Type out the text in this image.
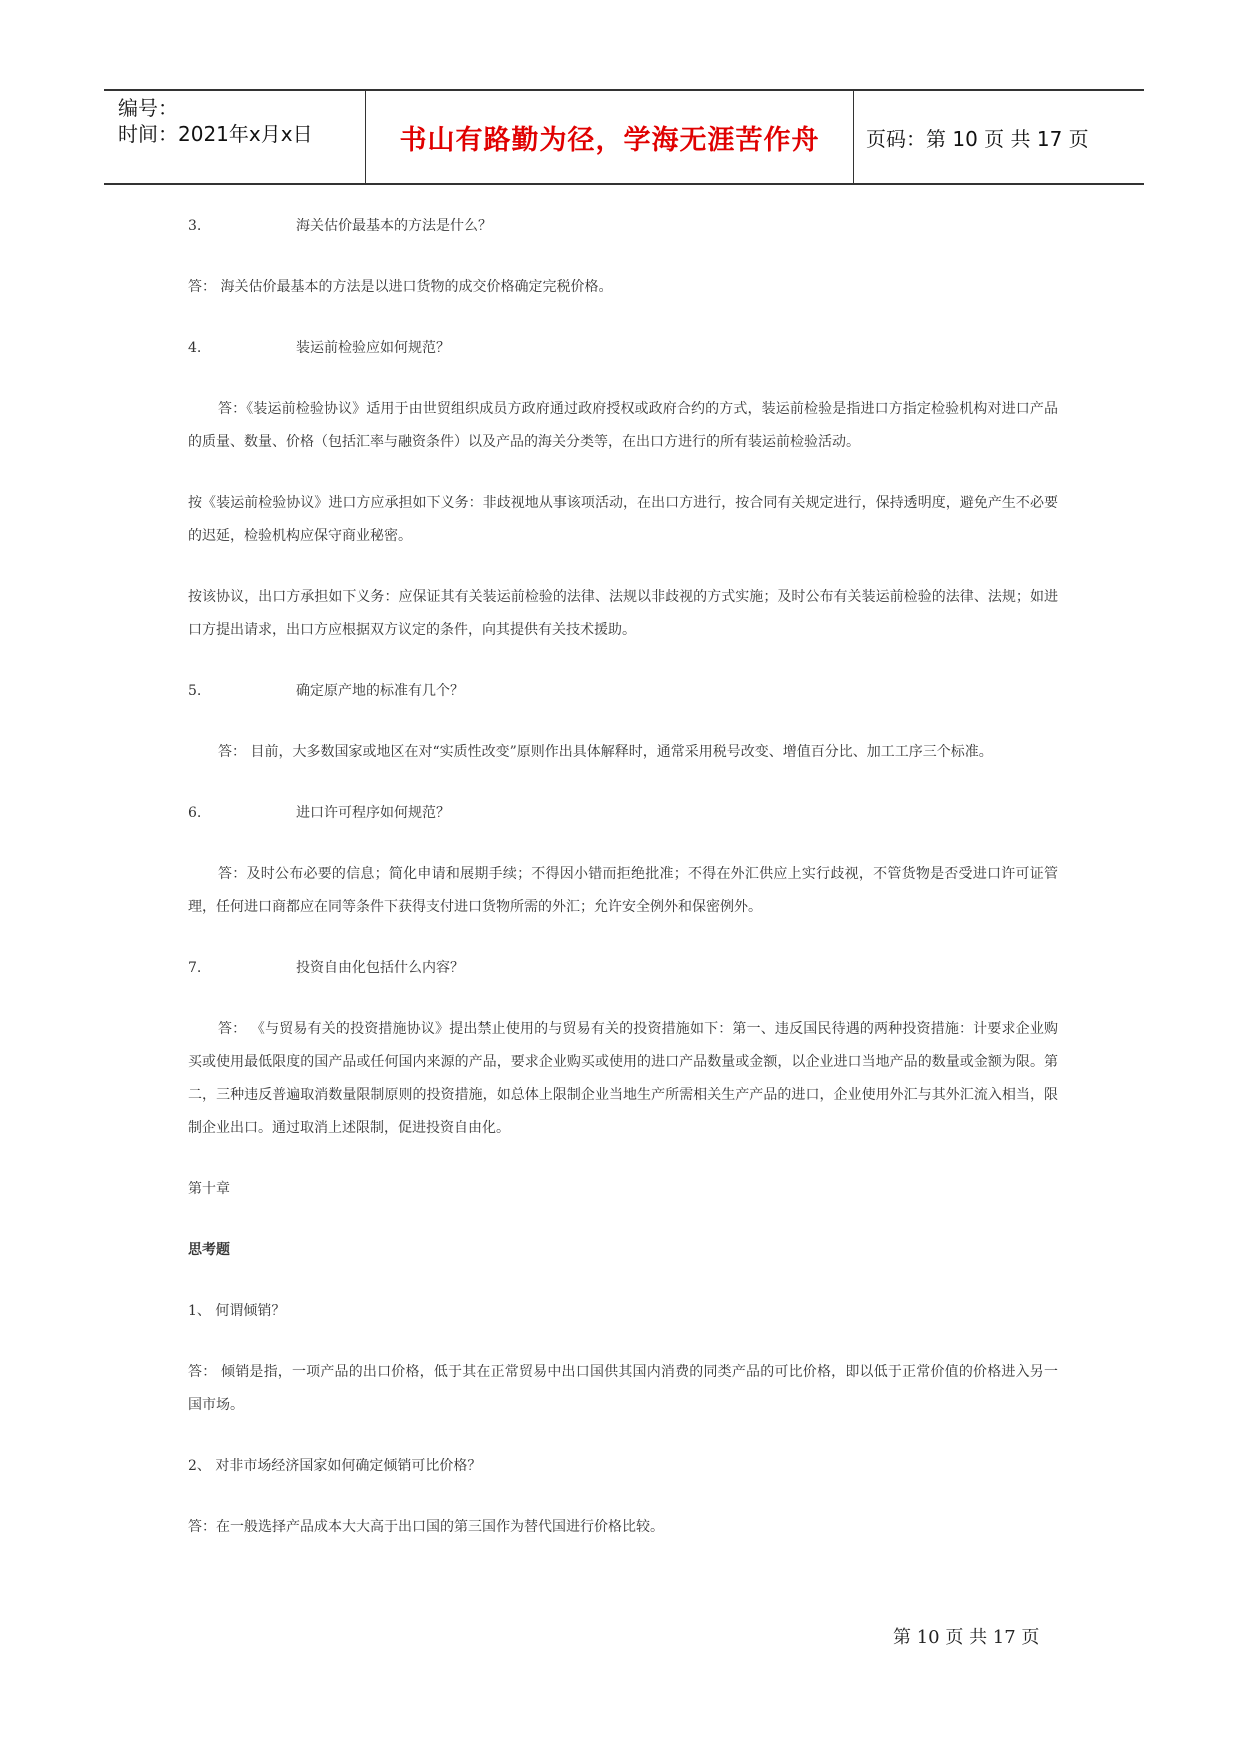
编号：
时间：2021年x月x日	书山有路勤为径，学海无涯苦作舟	页码：第 10 页 共 17 页
3.	海关估价最基本的方法是什么？
答： 海关估价最基本的方法是以进口货物的成交价格确定完税价格。
4.	装运前检验应如何规范？
答：《装运前检验协议》适用于由世贸组织成员方政府通过政府授权或政府合约的方式，装运前检验是指进口方指定检验机构对进口产品的质量、数量、价格（包括汇率与融资条件）以及产品的海关分类等，在出口方进行的所有装运前检验活动。
按《装运前检验协议》进口方应承担如下义务：非歧视地从事该项活动，在出口方进行，按合同有关规定进行，保持透明度，避免产生不必要的迟延，检验机构应保守商业秘密。
按该协议，出口方承担如下义务：应保证其有关装运前检验的法律、法规以非歧视的方式实施；及时公布有关装运前检验的法律、法规；如进口方提出请求，出口方应根据双方议定的条件，向其提供有关技术援助。
5.	确定原产地的标准有几个？
答： 目前，大多数国家或地区在对“实质性改变”原则作出具体解释时，通常采用税号改变、增值百分比、加工工序三个标准。
6.	进口许可程序如何规范？
答：及时公布必要的信息；简化申请和展期手续；不得因小错而拒绝批准；不得在外汇供应上实行歧视，不管货物是否受进口许可证管理，任何进口商都应在同等条件下获得支付进口货物所需的外汇；允许安全例外和保密例外。
7.	投资自由化包括什么内容？
答： 《与贸易有关的投资措施协议》提出禁止使用的与贸易有关的投资措施如下：第一、违反国民待遇的两种投资措施：计要求企业购买或使用最低限度的国产品或任何国内来源的产品，要求企业购买或使用的进口产品数量或金额，以企业进口当地产品的数量或金额为限。第二，三种违反普遍取消数量限制原则的投资措施，如总体上限制企业当地生产所需相关生产产品的进口，企业使用外汇与其外汇流入相当，限制企业出口。通过取消上述限制，促进投资自由化。
第十章
思考题
1、 何谓倾销？
答： 倾销是指，一项产品的出口价格，低于其在正常贸易中出口国供其国内消费的同类产品的可比价格，即以低于正常价值的价格进入另一国市场。
2、 对非市场经济国家如何确定倾销可比价格？
答：在一般选择产品成本大大高于出口国的第三国作为替代国进行价格比较。
第 10 页 共 17 页
